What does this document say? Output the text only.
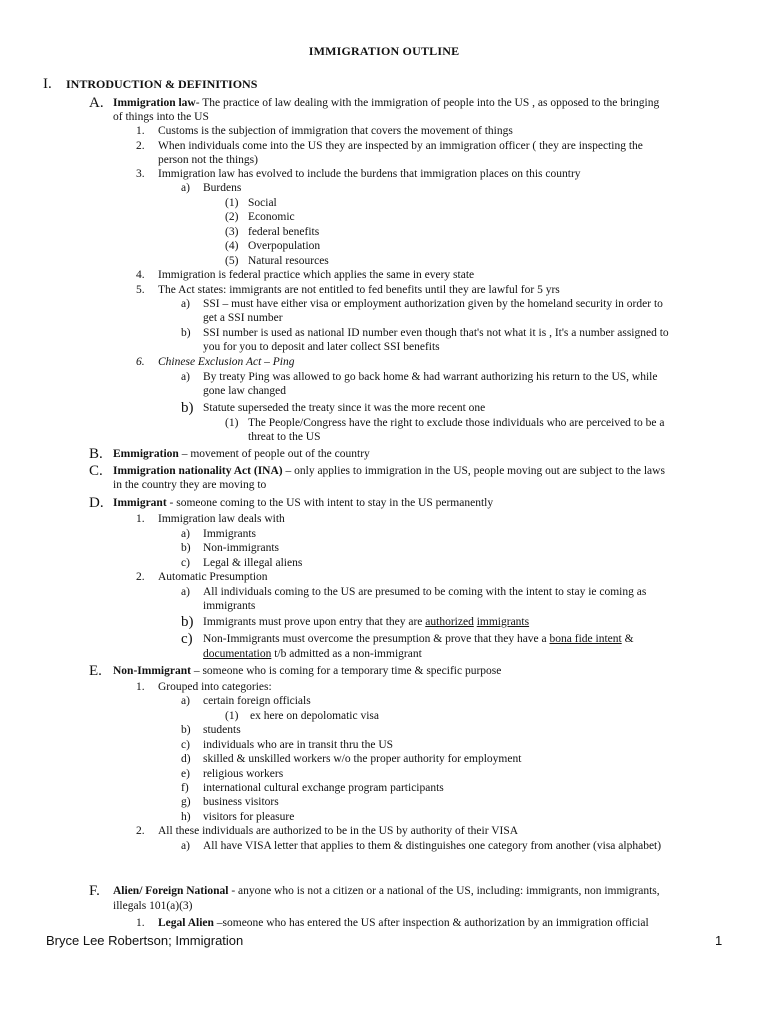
IMMIGRATION OUTLINE
I. INTRODUCTION & DEFINITIONS
A. Immigration law- The practice of law dealing with the immigration of people into the US , as opposed to the bringing
of things into the US
1. Customs is the subjection of immigration that covers the movement of things
2. When individuals come into the US they are inspected by an immigration officer ( they are inspecting the
person not the things)
3. Immigration law has evolved to include the burdens that immigration places on this country
a) Burdens
(1) Social
(2) Economic
(3) federal benefits
(4) Overpopulation
(5) Natural resources
4. Immigration is federal practice which applies the same in every state
5. The Act states: immigrants are not entitled to fed benefits until they are lawful for 5 yrs
a) SSI – must have either visa or employment authorization given by the homeland security in order to
get a SSI number
b) SSI number is used as national ID number even though that's not what it is , It's a number assigned to
you for you to deposit and later collect SSI benefits
6. Chinese Exclusion Act – Ping
a) By treaty Ping was allowed to go back home & had warrant authorizing his return to the US, while
gone law changed
b) Statute superseded the treaty since it was the more recent one
(1) The People/Congress have the right to exclude those individuals who are perceived to be a
threat to the US
B. Emmigration – movement of people out of the country
C. Immigration nationality Act (INA) – only applies to immigration in the US, people moving out are subject to the laws
in the country they are moving to
D. Immigrant - someone coming to the US with intent to stay in the US permanently
1. Immigration law deals with
a) Immigrants
b) Non-immigrants
c) Legal & illegal aliens
2. Automatic Presumption
a) All individuals coming to the US are presumed to be coming with the intent to stay ie coming as
immigrants
b) Immigrants must prove upon entry that they are authorized immigrants
c) Non-Immigrants must overcome the presumption & prove that they have a bona fide intent &
documentation t/b admitted as a non-immigrant
E. Non-Immigrant – someone who is coming for a temporary time & specific purpose
1. Grouped into categories:
a) certain foreign officials
(1) ex here on depolomatic visa
b) students
c) individuals who are in transit thru the US
d) skilled & unskilled workers w/o the proper authority for employment
e) religious workers
f) international cultural exchange program participants
g) business visitors
h) visitors for pleasure
2. All these individuals are authorized to be in the US by authority of their VISA
a) All have VISA letter that applies to them & distinguishes one category from another (visa alphabet)
F. Alien/ Foreign National - anyone who is not a citizen or a national of the US, including: immigrants, non immigrants,
illegals 101(a)(3)
1. Legal Alien –someone who has entered the US after inspection & authorization by an immigration official
Bryce Lee Robertson; Immigration	1
